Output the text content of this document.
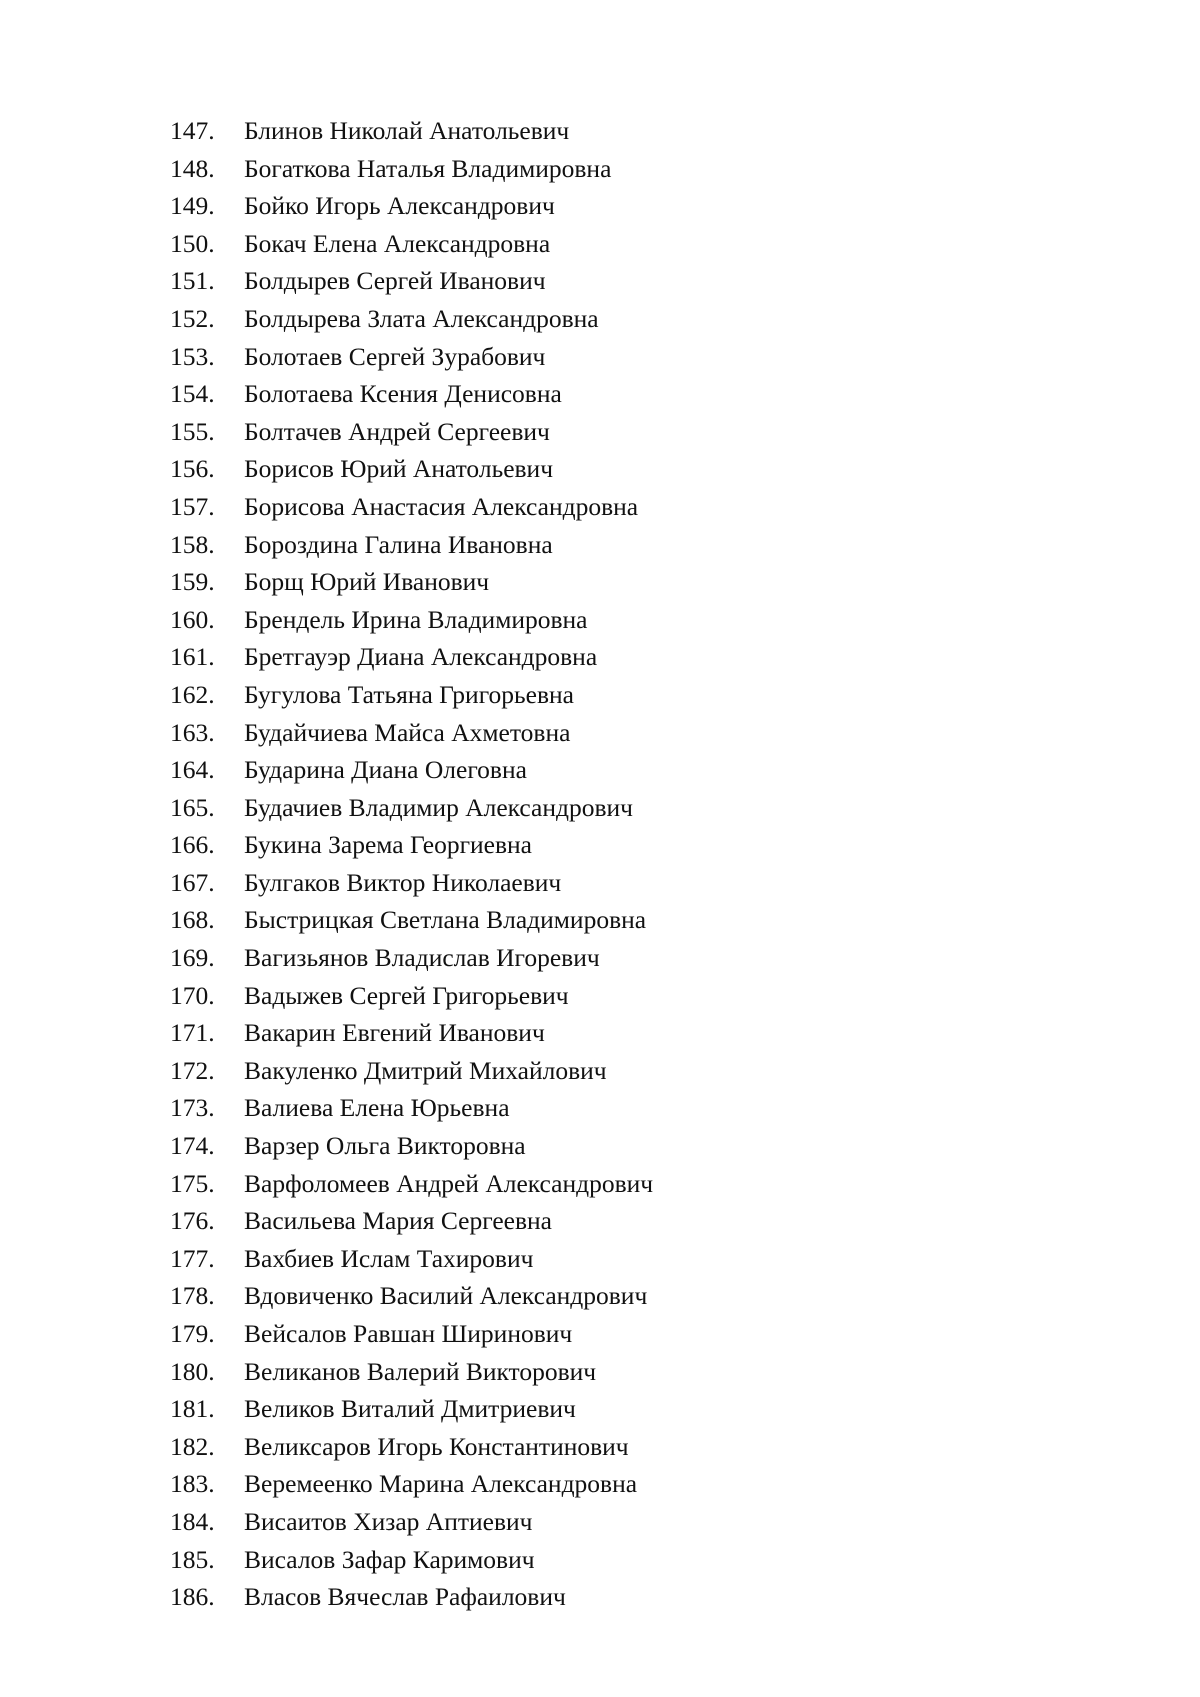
147.	Блинов Николай Анатольевич
148.	Богаткова Наталья Владимировна
149.	Бойко Игорь Александрович
150.	Бокач Елена Александровна
151.	Болдырев Сергей Иванович
152.	Болдырева Злата Александровна
153.	Болотаев Сергей Зурабович
154.	Болотаева Ксения Денисовна
155.	Болтачев Андрей Сергеевич
156.	Борисов Юрий Анатольевич
157.	Борисова Анастасия Александровна
158.	Бороздина Галина Ивановна
159.	Борщ Юрий Иванович
160.	Брендель Ирина Владимировна
161.	Бретгауэр Диана Александровна
162.	Бугулова Татьяна Григорьевна
163.	Будайчиева Майса Ахметовна
164.	Бударина Диана Олеговна
165.	Будачиев Владимир Александрович
166.	Букина Зарема Георгиевна
167.	Булгаков Виктор Николаевич
168.	Быстрицкая Светлана Владимировна
169.	Вагизьянов Владислав Игоревич
170.	Вадыжев Сергей Григорьевич
171.	Вакарин Евгений Иванович
172.	Вакуленко Дмитрий Михайлович
173.	Валиева Елена Юрьевна
174.	Варзер Ольга Викторовна
175.	Варфоломеев Андрей Александрович
176.	Васильева Мария Сергеевна
177.	Вахбиев Ислам Тахирович
178.	Вдовиченко Василий Александрович
179.	Вейсалов Равшан Ширинович
180.	Великанов Валерий Викторович
181.	Великов Виталий Дмитриевич
182.	Великсаров Игорь Константинович
183.	Веремеенко Марина Александровна
184.	Висаитов Хизар Аптиевич
185.	Висалов Зафар Каримович
186.	Власов Вячеслав Рафаилович
